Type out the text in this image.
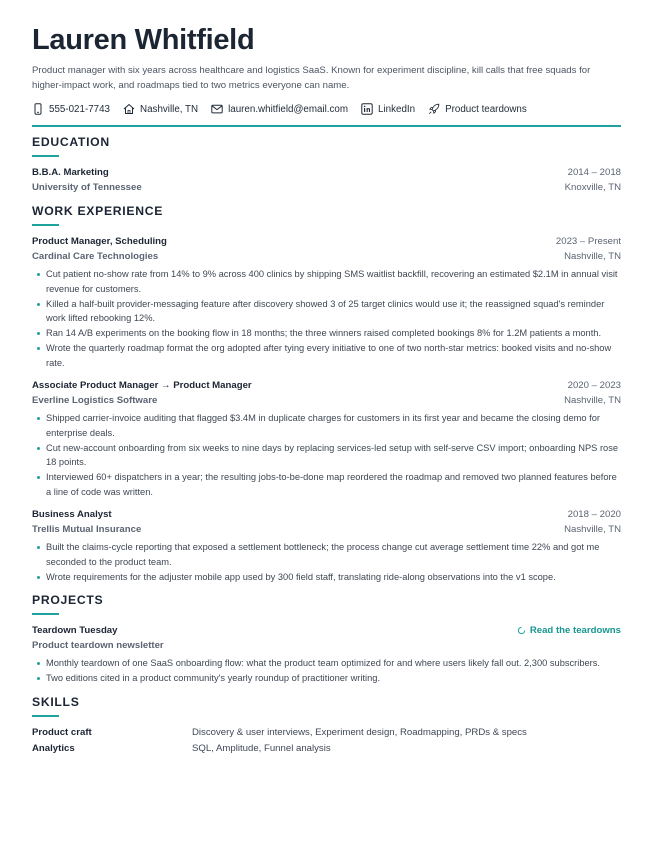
Lauren Whitfield
Product manager with six years across healthcare and logistics SaaS. Known for experiment discipline, kill calls that free squads for higher-impact work, and roadmaps tied to two metrics everyone can name.
555-021-7743	Nashville, TN	lauren.whitfield@email.com	LinkedIn	Product teardowns
EDUCATION
B.B.A. Marketing	2014 – 2018
University of Tennessee	Knoxville, TN
WORK EXPERIENCE
Product Manager, Scheduling	2023 – Present
Cardinal Care Technologies	Nashville, TN
Cut patient no-show rate from 14% to 9% across 400 clinics by shipping SMS waitlist backfill, recovering an estimated $2.1M in annual visit revenue for customers.
Killed a half-built provider-messaging feature after discovery showed 3 of 25 target clinics would use it; the reassigned squad's reminder work lifted rebooking 12%.
Ran 14 A/B experiments on the booking flow in 18 months; the three winners raised completed bookings 8% for 1.2M patients a month.
Wrote the quarterly roadmap format the org adopted after tying every initiative to one of two north-star metrics: booked visits and no-show rate.
Associate Product Manager → Product Manager	2020 – 2023
Everline Logistics Software	Nashville, TN
Shipped carrier-invoice auditing that flagged $3.4M in duplicate charges for customers in its first year and became the closing demo for enterprise deals.
Cut new-account onboarding from six weeks to nine days by replacing services-led setup with self-serve CSV import; onboarding NPS rose 18 points.
Interviewed 60+ dispatchers in a year; the resulting jobs-to-be-done map reordered the roadmap and removed two planned features before a line of code was written.
Business Analyst	2018 – 2020
Trellis Mutual Insurance	Nashville, TN
Built the claims-cycle reporting that exposed a settlement bottleneck; the process change cut average settlement time 22% and got me seconded to the product team.
Wrote requirements for the adjuster mobile app used by 300 field staff, translating ride-along observations into the v1 scope.
PROJECTS
Teardown Tuesday	Read the teardowns
Product teardown newsletter
Monthly teardown of one SaaS onboarding flow: what the product team optimized for and where users likely fall out. 2,300 subscribers.
Two editions cited in a product community's yearly roundup of practitioner writing.
SKILLS
Product craft	Discovery & user interviews, Experiment design, Roadmapping, PRDs & specs
Analytics	SQL, Amplitude, Funnel analysis
